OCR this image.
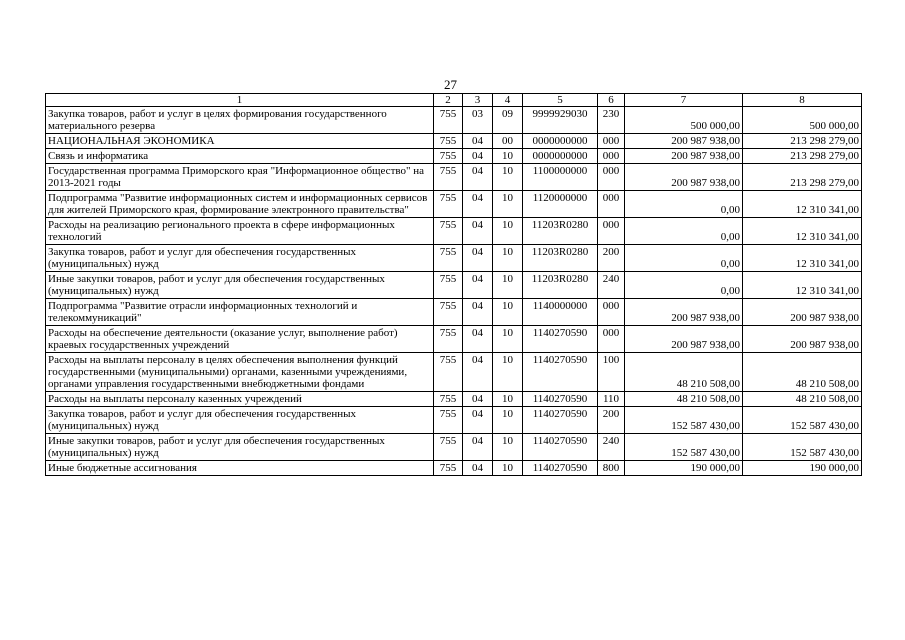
27
1	2	3	4	5	6	7	8
Закупка товаров, работ и услуг в целях формирования государственного материального резерва	755	03	09	9999929030	230	500 000,00	500 000,00
НАЦИОНАЛЬНАЯ ЭКОНОМИКА	755	04	00	0000000000	000	200 987 938,00	213 298 279,00
Связь и информатика	755	04	10	0000000000	000	200 987 938,00	213 298 279,00
Государственная программа Приморского края "Информационное общество" на 2013-2021 годы	755	04	10	1100000000	000	200 987 938,00	213 298 279,00
Подпрограмма "Развитие информационных систем и информационных сервисов для жителей Приморского края, формирование электронного правительства"	755	04	10	1120000000	000	0,00	12 310 341,00
Расходы на реализацию регионального проекта в сфере информационных технологий	755	04	10	11203R0280	000	0,00	12 310 341,00
Закупка товаров, работ и услуг для обеспечения государственных (муниципальных) нужд	755	04	10	11203R0280	200	0,00	12 310 341,00
Иные закупки товаров, работ и услуг для обеспечения государственных (муниципальных) нужд	755	04	10	11203R0280	240	0,00	12 310 341,00
Подпрограмма "Развитие отрасли информационных технологий и телекоммуникаций"	755	04	10	1140000000	000	200 987 938,00	200 987 938,00
Расходы на обеспечение деятельности (оказание услуг, выполнение работ) краевых государственных учреждений	755	04	10	1140270590	000	200 987 938,00	200 987 938,00
Расходы на выплаты персоналу в целях обеспечения выполнения функций государственными (муниципальными) органами, казенными учреждениями, органами управления государственными внебюджетными фондами	755	04	10	1140270590	100	48 210 508,00	48 210 508,00
Расходы на выплаты персоналу казенных учреждений	755	04	10	1140270590	110	48 210 508,00	48 210 508,00
Закупка товаров, работ и услуг для обеспечения государственных (муниципальных) нужд	755	04	10	1140270590	200	152 587 430,00	152 587 430,00
Иные закупки товаров, работ и услуг для обеспечения государственных (муниципальных) нужд	755	04	10	1140270590	240	152 587 430,00	152 587 430,00
Иные бюджетные ассигнования	755	04	10	1140270590	800	190 000,00	190 000,00
